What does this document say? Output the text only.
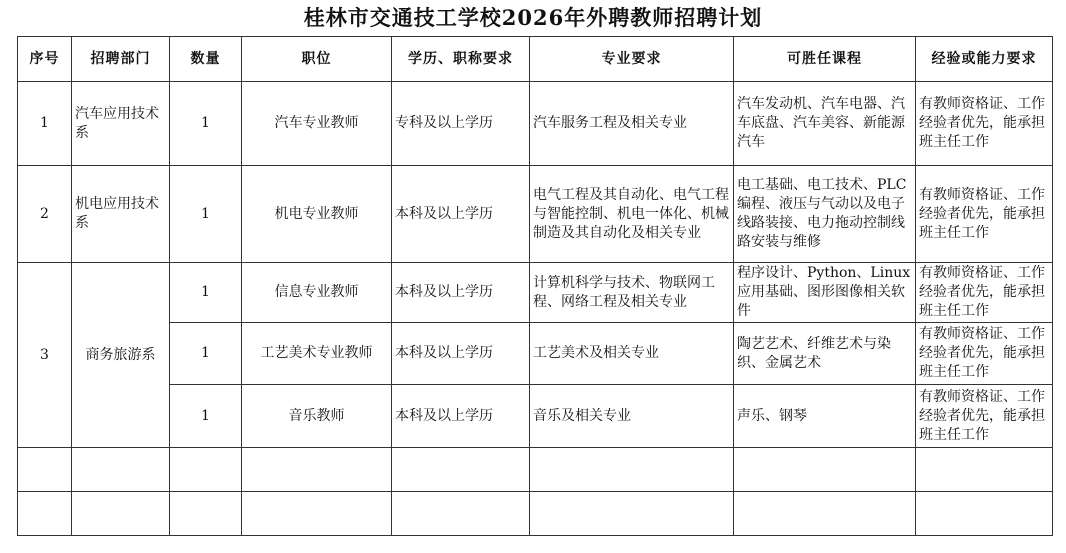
桂林市交通技工学校2026年外聘教师招聘计划
序号	招聘部门	数量	职位	学历、职称要求	专业要求	可胜任课程	经验或能力要求
1	汽车应用技术系	1	汽车专业教师	专科及以上学历	汽车服务工程及相关专业	汽车发动机、汽车电器、汽车底盘、汽车美容、新能源汽车	有教师资格证、工作经验者优先，能承担班主任工作
2	机电应用技术系	1	机电专业教师	本科及以上学历	电气工程及其自动化、电气工程与智能控制、机电一体化、机械制造及其自动化及相关专业	电工基础、电工技术、PLC编程、液压与气动以及电子线路装接、电力拖动控制线路安装与维修	有教师资格证、工作经验者优先，能承担班主任工作
3	商务旅游系	1	信息专业教师	本科及以上学历	计算机科学与技术、物联网工程、网络工程及相关专业	程序设计、Python、Linux 应用基础、图形图像相关软件	有教师资格证、工作经验者优先，能承担班主任工作
		1	工艺美术专业教师	本科及以上学历	工艺美术及相关专业	陶艺艺术、纤维艺术与染织、金属艺术	有教师资格证、工作经验者优先，能承担班主任工作
		1	音乐教师	本科及以上学历	音乐及相关专业	声乐、钢琴	有教师资格证、工作经验者优先，能承担班主任工作
